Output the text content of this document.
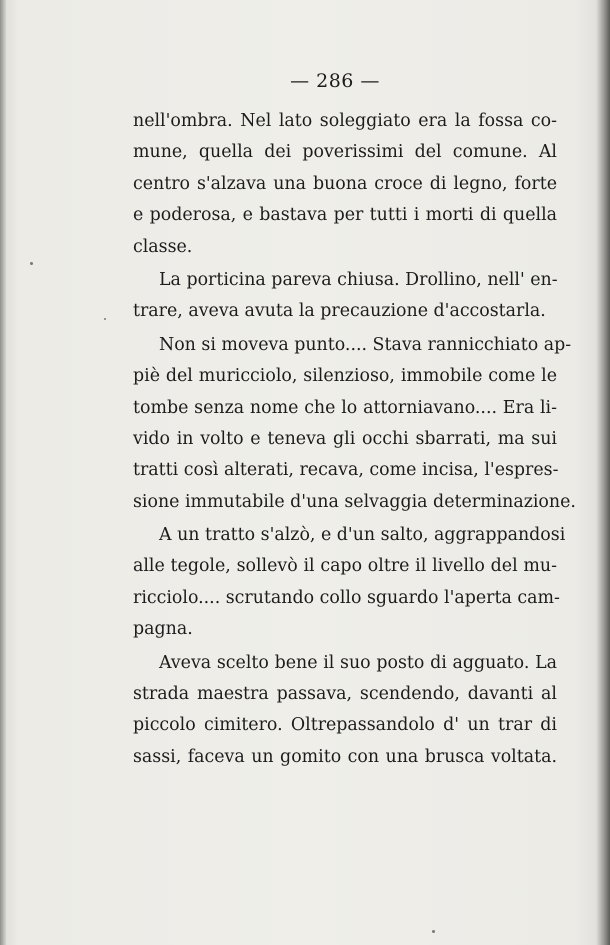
— 286 —
nell'ombra. Nel lato soleggiato era la fossa co-
mune, quella dei poverissimi del comune. Al
centro s'alzava una buona croce di legno, forte
e poderosa, e bastava per tutti i morti di quella
classe.
La porticina pareva chiusa. Drollino, nell' en-
trare, aveva avuta la precauzione d'accostarla.
Non si moveva punto.... Stava rannicchiato ap-
piè del muricciolo, silenzioso, immobile come le
tombe senza nome che lo attorniavano.... Era li-
vido in volto e teneva gli occhi sbarrati, ma sui
tratti così alterati, recava, come incisa, l'espres-
sione immutabile d'una selvaggia determinazione.
A un tratto s'alzò, e d'un salto, aggrappandosi
alle tegole, sollevò il capo oltre il livello del mu-
ricciolo.... scrutando collo sguardo l'aperta cam-
pagna.
Aveva scelto bene il suo posto di agguato. La
strada maestra passava, scendendo, davanti al
piccolo cimitero. Oltrepassandolo d' un trar di
sassi, faceva un gomito con una brusca voltata.
